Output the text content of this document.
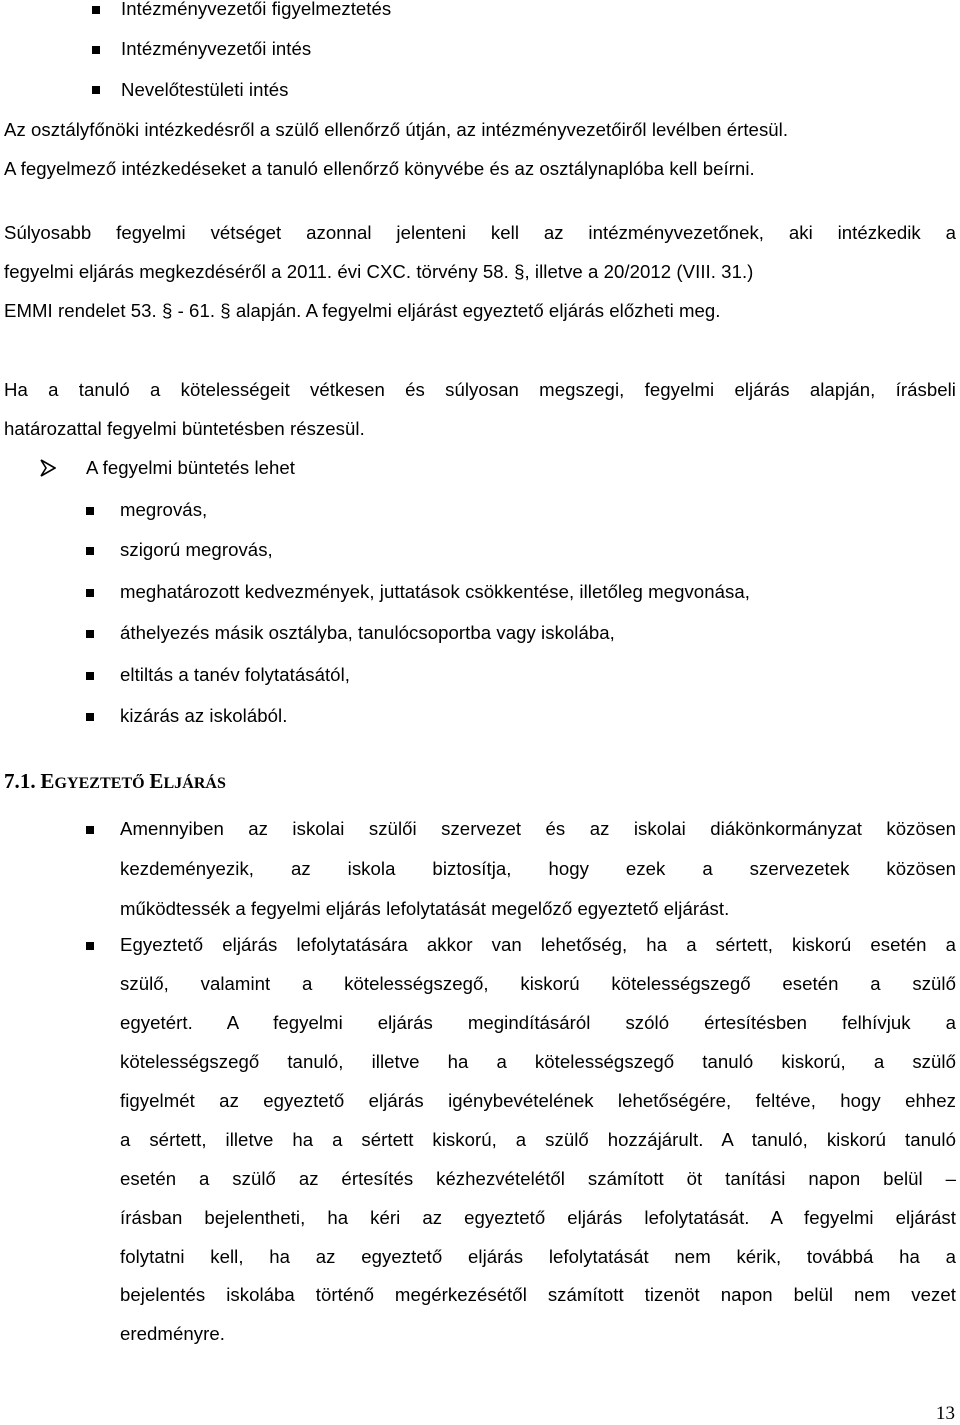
Intézményvezetői figyelmeztetés
Intézményvezetői intés
Nevelőtestületi intés
Az osztályfőnöki intézkedésről a szülő ellenőrző útján, az intézményvezetőiről levélben értesül.
A fegyelmező intézkedéseket a tanuló ellenőrző könyvébe és az osztálynaplóba kell beírni.
Súlyosabb fegyelmi vétséget azonnal jelenteni kell az intézményvezetőnek, aki intézkedik a
fegyelmi eljárás megkezdéséről a 2011. évi CXC. törvény 58. §, illetve a 20/2012 (VIII. 31.)
EMMI rendelet 53. § - 61. § alapján. A fegyelmi eljárást egyeztető eljárás előzheti meg.
Ha a tanuló a kötelességeit vétkesen és súlyosan megszegi, fegyelmi eljárás alapján, írásbeli
határozattal fegyelmi büntetésben részesül.
A fegyelmi büntetés lehet
megrovás,
szigorú megrovás,
meghatározott kedvezmények, juttatások csökkentése, illetőleg megvonása,
áthelyezés másik osztályba, tanulócsoportba vagy iskolába,
eltiltás a tanév folytatásától,
kizárás az iskolából.
7.1. EGYEZTETŐ ELJÁRÁS
Amennyiben az iskolai szülői szervezet és az iskolai diákönkormányzat közösen
kezdeményezik, az iskola biztosítja, hogy ezek a szervezetek közösen
működtessék a fegyelmi eljárás lefolytatását megelőző egyeztető eljárást.
Egyeztető eljárás lefolytatására akkor van lehetőség, ha a sértett, kiskorú esetén a
szülő, valamint a kötelességszegő, kiskorú kötelességszegő esetén a szülő
egyetért. A fegyelmi eljárás megindításáról szóló értesítésben felhívjuk a
kötelességszegő tanuló, illetve ha a kötelességszegő tanuló kiskorú, a szülő
figyelmét az egyeztető eljárás igénybevételének lehetőségére, feltéve, hogy ehhez
a sértett, illetve ha a sértett kiskorú, a szülő hozzájárult. A tanuló, kiskorú tanuló
esetén a szülő az értesítés kézhezvételétől számított öt tanítási napon belül –
írásban bejelentheti, ha kéri az egyeztető eljárás lefolytatását. A fegyelmi eljárást
folytatni kell, ha az egyeztető eljárás lefolytatását nem kérik, továbbá ha a
bejelentés iskolába történő megérkezésétől számított tizenöt napon belül nem vezet
eredményre.
13
